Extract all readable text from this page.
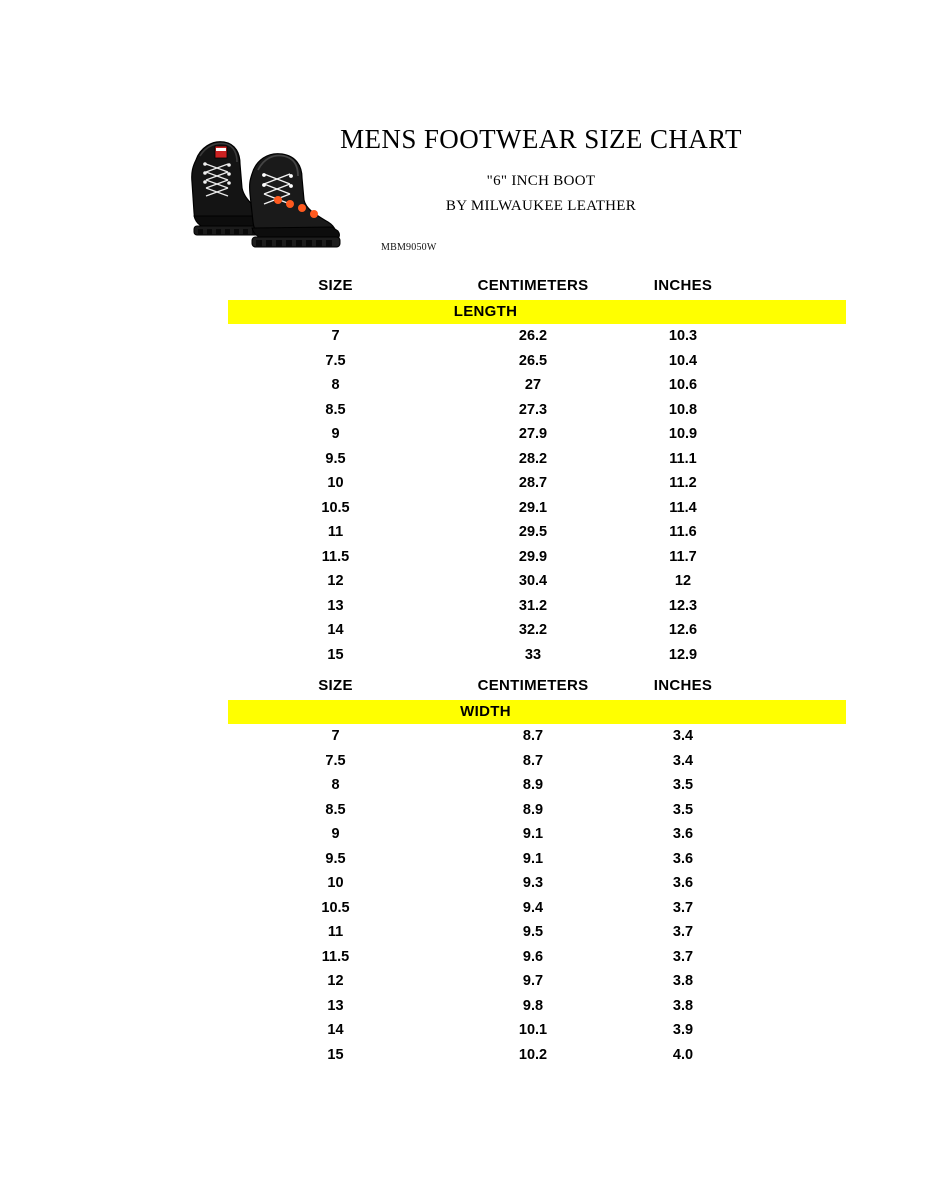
MENS FOOTWEAR SIZE CHART
"6" INCH BOOT
BY MILWAUKEE LEATHER
MBM9050W
SIZE	CENTIMETERS	INCHES	

LENGTH			

7	26.2	10.3	
7.5	26.5	10.4	
8	27	10.6	
8.5	27.3	10.8	
9	27.9	10.9	
9.5	28.2	11.1	
10	28.7	11.2	
10.5	29.1	11.4	
11	29.5	11.6	
11.5	29.9	11.7	
12	30.4	12	
13	31.2	12.3	
14	32.2	12.6	
15	33	12.9	
SIZE	CENTIMETERS	INCHES	

WIDTH			

7	8.7	3.4	
7.5	8.7	3.4	
8	8.9	3.5	
8.5	8.9	3.5	
9	9.1	3.6	
9.5	9.1	3.6	
10	9.3	3.6	
10.5	9.4	3.7	
11	9.5	3.7	
11.5	9.6	3.7	
12	9.7	3.8	
13	9.8	3.8	
14	10.1	3.9	
15	10.2	4.0	
